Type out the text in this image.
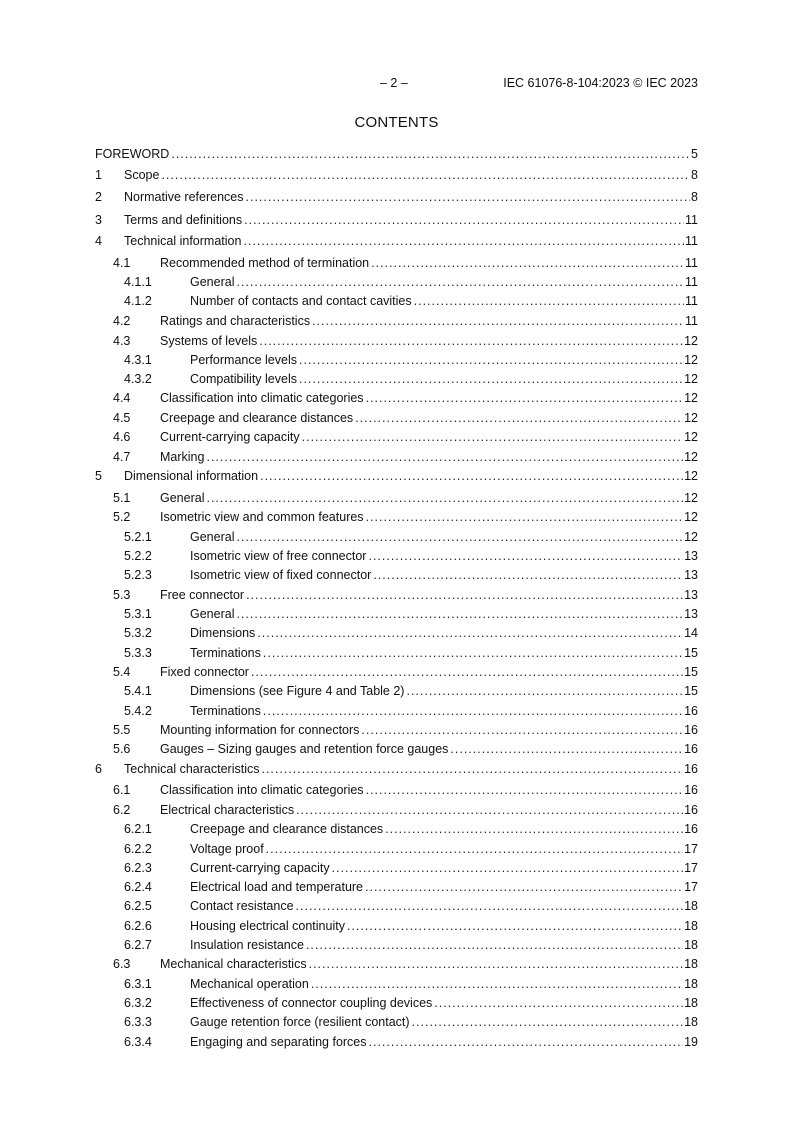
– 2 –	IEC 61076-8-104:2023 © IEC 2023
CONTENTS
FOREWORD .....	5
1 Scope .....	8
2 Normative references .....	8
3 Terms and definitions .....	11
4 Technical information .....	11
4.1 Recommended method of termination .....	11
4.1.1	General .....	11
4.1.2	Number of contacts and contact cavities .....	11
4.2 Ratings and characteristics .....	11
4.3 Systems of levels .....	12
4.3.1	Performance levels .....	12
4.3.2	Compatibility levels .....	12
4.4 Classification into climatic categories .....	12
4.5 Creepage and clearance distances .....	12
4.6 Current-carrying capacity .....	12
4.7 Marking .....	12
5 Dimensional information .....	12
5.1 General .....	12
5.2 Isometric view and common features .....	12
5.2.1	General .....	12
5.2.2	Isometric view of free connector .....	13
5.2.3	Isometric view of fixed connector .....	13
5.3 Free connector .....	13
5.3.1	General .....	13
5.3.2	Dimensions .....	14
5.3.3	Terminations .....	15
5.4 Fixed connector .....	15
5.4.1	Dimensions (see Figure 4 and Table 2) .....	15
5.4.2	Terminations .....	16
5.5 Mounting information for connectors .....	16
5.6 Gauges – Sizing gauges and retention force gauges .....	16
6 Technical characteristics .....	16
6.1 Classification into climatic categories .....	16
6.2 Electrical characteristics .....	16
6.2.1	Creepage and clearance distances .....	16
6.2.2	Voltage proof .....	17
6.2.3	Current-carrying capacity .....	17
6.2.4	Electrical load and temperature .....	17
6.2.5	Contact resistance .....	18
6.2.6	Housing electrical continuity .....	18
6.2.7	Insulation resistance .....	18
6.3 Mechanical characteristics .....	18
6.3.1	Mechanical operation .....	18
6.3.2	Effectiveness of connector coupling devices .....	18
6.3.3	Gauge retention force (resilient contact) .....	18
6.3.4	Engaging and separating forces .....	19
